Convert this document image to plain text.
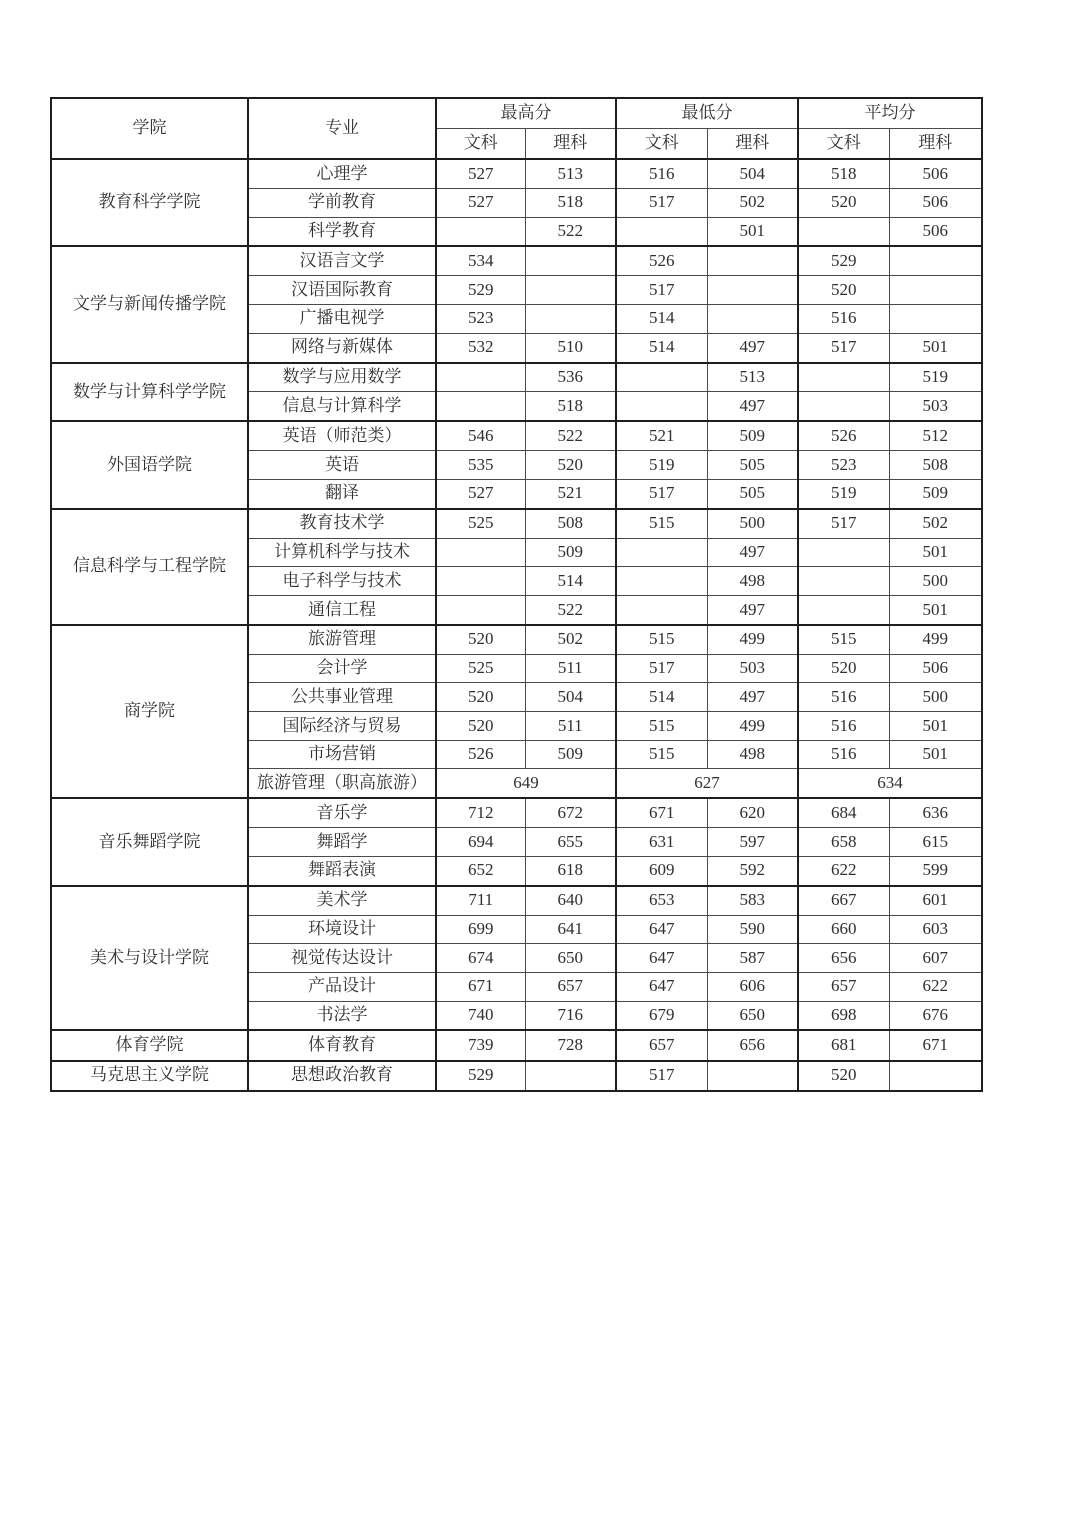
学院	专业	最高分		最低分		平均分	
		文科	理科	文科	理科	文科	理科
教育科学学院	心理学	527	513	516	504	518	506
	学前教育	527	518	517	502	520	506
	科学教育		522		501		506
文学与新闻传播学院	汉语言文学	534		526		529	
	汉语国际教育	529		517		520	
	广播电视学	523		514		516	
	网络与新媒体	532	510	514	497	517	501
数学与计算科学学院	数学与应用数学		536		513		519
	信息与计算科学		518		497		503
外国语学院	英语（师范类）	546	522	521	509	526	512
	英语	535	520	519	505	523	508
	翻译	527	521	517	505	519	509
信息科学与工程学院	教育技术学	525	508	515	500	517	502
	计算机科学与技术		509		497		501
	电子科学与技术		514		498		500
	通信工程		522		497		501
商学院	旅游管理	520	502	515	499	515	499
	会计学	525	511	517	503	520	506
	公共事业管理	520	504	514	497	516	500
	国际经济与贸易	520	511	515	499	516	501
	市场营销	526	509	515	498	516	501
	旅游管理（职高旅游）	649		627		634	
音乐舞蹈学院	音乐学	712	672	671	620	684	636
	舞蹈学	694	655	631	597	658	615
	舞蹈表演	652	618	609	592	622	599
美术与设计学院	美术学	711	640	653	583	667	601
	环境设计	699	641	647	590	660	603
	视觉传达设计	674	650	647	587	656	607
	产品设计	671	657	647	606	657	622
	书法学	740	716	679	650	698	676
体育学院	体育教育	739	728	657	656	681	671
马克思主义学院	思想政治教育	529		517		520	
